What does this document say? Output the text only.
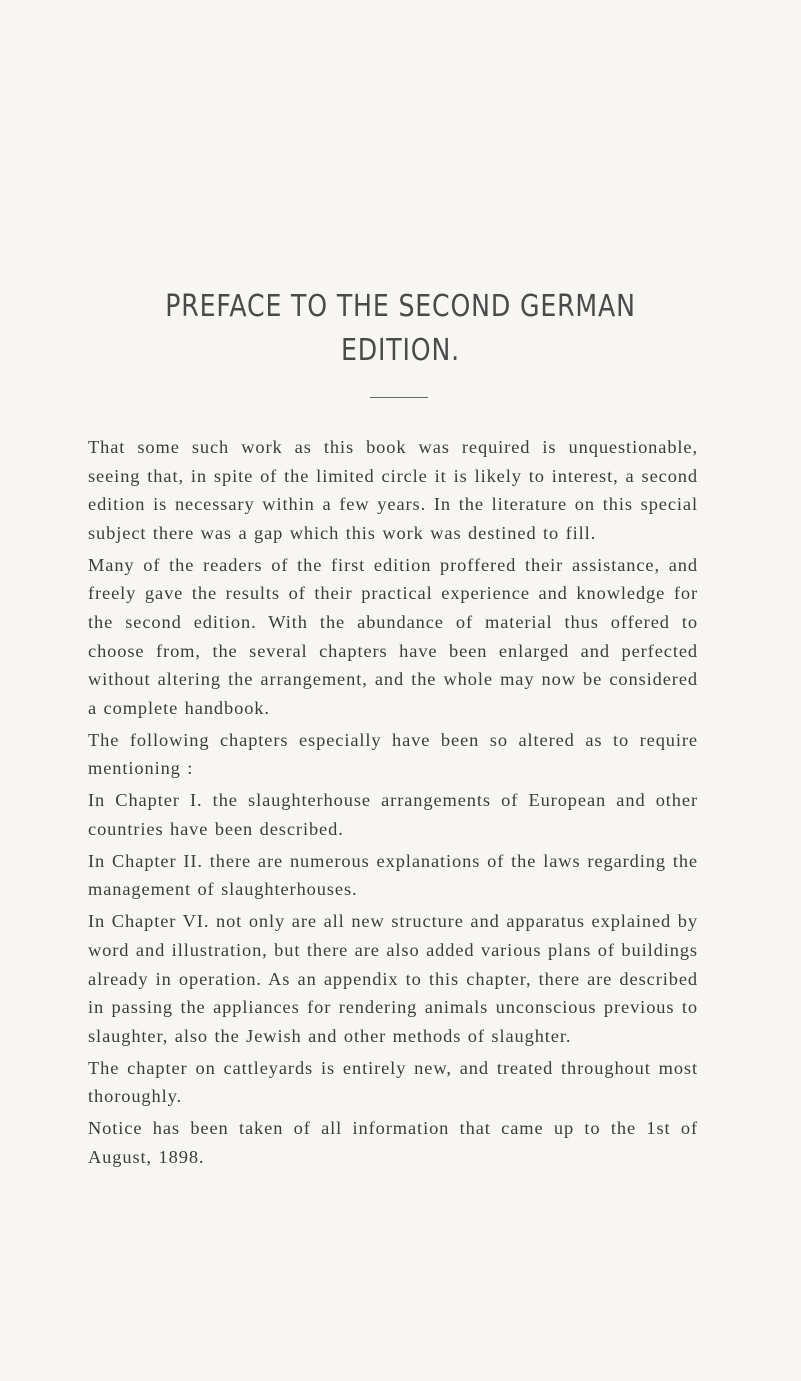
PREFACE TO THE SECOND GERMAN
EDITION.

That some such work as this book was required is unquestionable, seeing that, in spite of the limited circle it is likely to interest, a second edition is necessary within a few years. In the literature on this special subject there was a gap which this work was destined to fill.

Many of the readers of the first edition proffered their assistance, and freely gave the results of their practical experience and knowledge for the second edition. With the abundance of material thus offered to choose from, the several chapters have been enlarged and perfected without altering the arrangement, and the whole may now be considered a complete handbook.

The following chapters especially have been so altered as to require mentioning :

In Chapter I. the slaughterhouse arrangements of European and other countries have been described.

In Chapter II. there are numerous explanations of the laws regarding the management of slaughterhouses.

In Chapter VI. not only are all new structure and apparatus explained by word and illustration, but there are also added various plans of buildings already in operation. As an appendix to this chapter, there are described in passing the appliances for rendering animals unconscious previous to slaughter, also the Jewish and other methods of slaughter.

The chapter on cattleyards is entirely new, and treated throughout most thoroughly.

Notice has been taken of all information that came up to the 1st of August, 1898.
